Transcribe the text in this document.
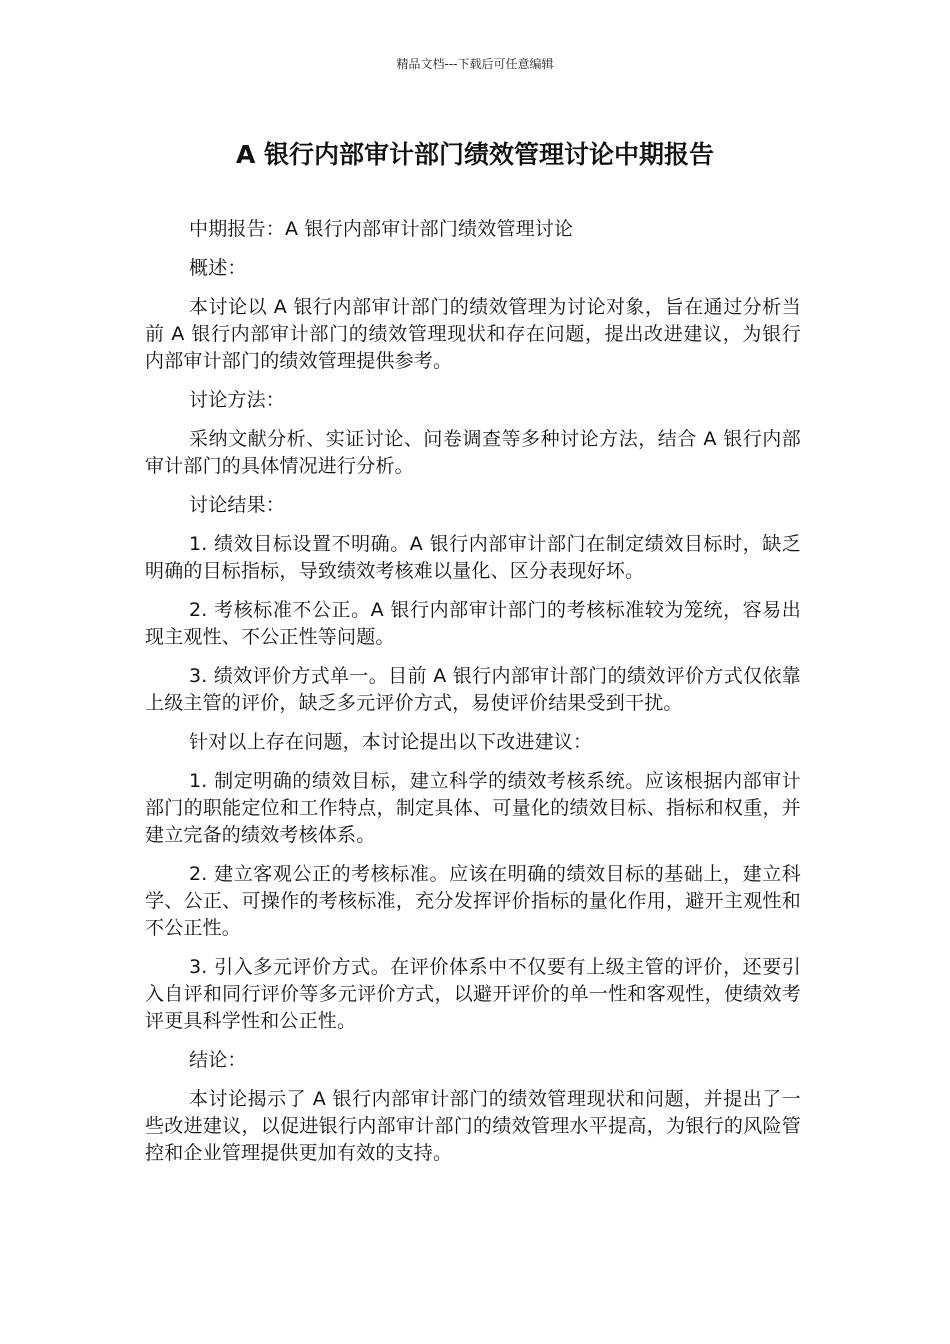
精品文档---下载后可任意编辑
A 银行内部审计部门绩效管理讨论中期报告

中期报告：A 银行内部审计部门绩效管理讨论

概述：

本讨论以 A 银行内部审计部门的绩效管理为讨论对象，旨在通过分析当前 A 银行内部审计部门的绩效管理现状和存在问题，提出改进建议，为银行内部审计部门的绩效管理提供参考。

讨论方法：

采纳文献分析、实证讨论、问卷调查等多种讨论方法，结合 A 银行内部审计部门的具体情况进行分析。

讨论结果：

1. 绩效目标设置不明确。A 银行内部审计部门在制定绩效目标时，缺乏明确的目标指标，导致绩效考核难以量化、区分表现好坏。

2. 考核标准不公正。A 银行内部审计部门的考核标准较为笼统，容易出现主观性、不公正性等问题。

3. 绩效评价方式单一。目前 A 银行内部审计部门的绩效评价方式仅依靠上级主管的评价，缺乏多元评价方式，易使评价结果受到干扰。

针对以上存在问题，本讨论提出以下改进建议：

1. 制定明确的绩效目标，建立科学的绩效考核系统。应该根据内部审计部门的职能定位和工作特点，制定具体、可量化的绩效目标、指标和权重，并建立完备的绩效考核体系。

2. 建立客观公正的考核标准。应该在明确的绩效目标的基础上，建立科学、公正、可操作的考核标准，充分发挥评价指标的量化作用，避开主观性和不公正性。

3. 引入多元评价方式。在评价体系中不仅要有上级主管的评价，还要引入自评和同行评价等多元评价方式，以避开评价的单一性和客观性，使绩效考评更具科学性和公正性。

结论：

本讨论揭示了 A 银行内部审计部门的绩效管理现状和问题，并提出了一些改进建议，以促进银行内部审计部门的绩效管理水平提高，为银行的风险管控和企业管理提供更加有效的支持。
